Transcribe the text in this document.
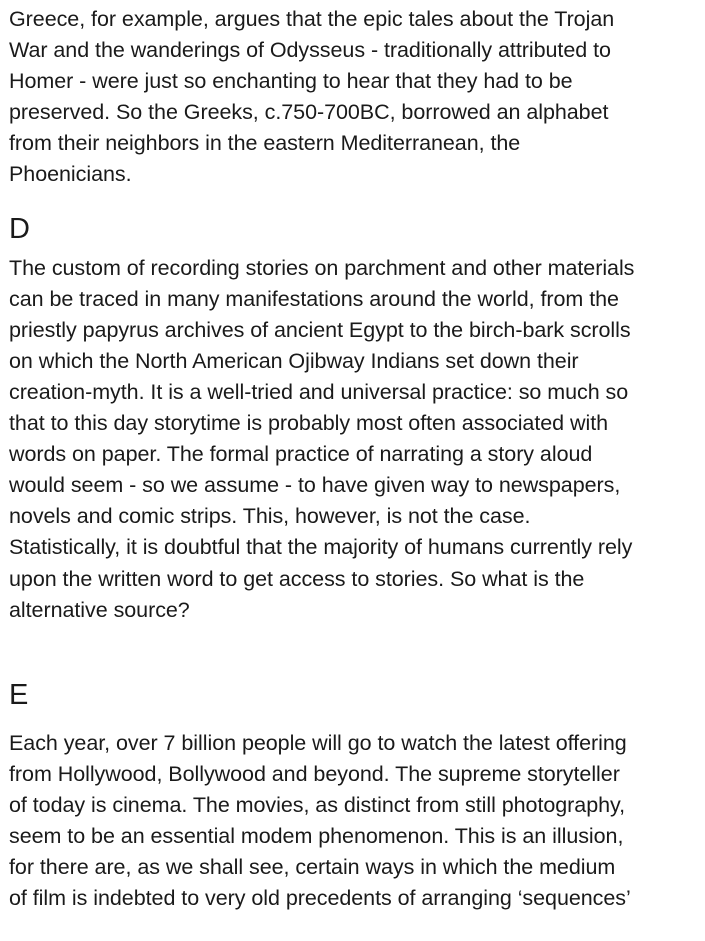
Greece, for example, argues that the epic tales about the Trojan
War and the wanderings of Odysseus - traditionally attributed to
Homer - were just so enchanting to hear that they had to be
preserved. So the Greeks, c.750-700BC, borrowed an alphabet
from their neighbors in the eastern Mediterranean, the
Phoenicians.

D

The custom of recording stories on parchment and other materials
can be traced in many manifestations around the world, from the
priestly papyrus archives of ancient Egypt to the birch-bark scrolls
on which the North American Ojibway Indians set down their
creation-myth. It is a well-tried and universal practice: so much so
that to this day storytime is probably most often associated with
words on paper. The formal practice of narrating a story aloud
would seem - so we assume - to have given way to newspapers,
novels and comic strips. This, however, is not the case.
Statistically, it is doubtful that the majority of humans currently rely
upon the written word to get access to stories. So what is the
alternative source?

E

Each year, over 7 billion people will go to watch the latest offering
from Hollywood, Bollywood and beyond. The supreme storyteller
of today is cinema. The movies, as distinct from still photography,
seem to be an essential modem phenomenon. This is an illusion,
for there are, as we shall see, certain ways in which the medium
of film is indebted to very old precedents of arranging ‘sequences’
